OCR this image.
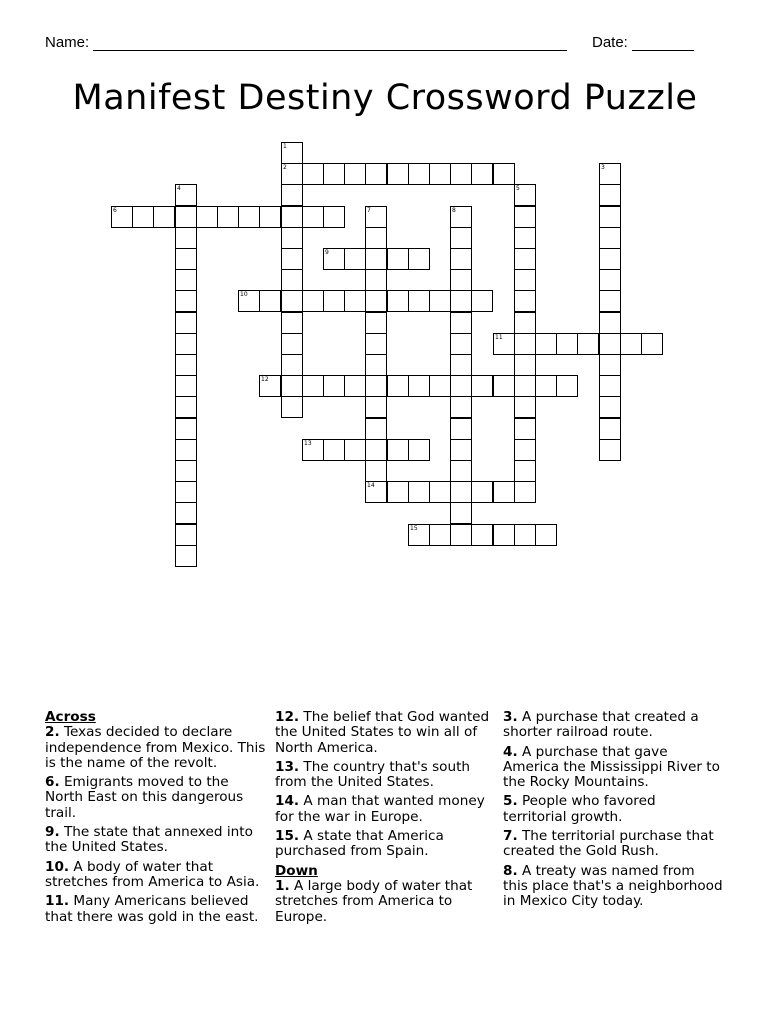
Name:	Date:
Manifest Destiny Crossword Puzzle
1
2	3
4	5
6	7
14
8
9
10
11
12
13
15
Across
2. Texas decided to declare independence from Mexico. This is the name of the revolt.
6. Emigrants moved to the North East on this dangerous trail.
9. The state that annexed into the United States.
10. A body of water that stretches from America to Asia.
11. Many Americans believed that there was gold in the east.
12. The belief that God wanted the United States to win all of North America.
13. The country that's south from the United States.
14. A man that wanted money for the war in Europe.
15. A state that America purchased from Spain.
Down
1. A large body of water that stretches from America to Europe.
3. A purchase that created a shorter railroad route.
4. A purchase that gave America the Mississippi River to the Rocky Mountains.
5. People who favored territorial growth.
7. The territorial purchase that created the Gold Rush.
8. A treaty was named from this place that's a neighborhood in Mexico City today.
